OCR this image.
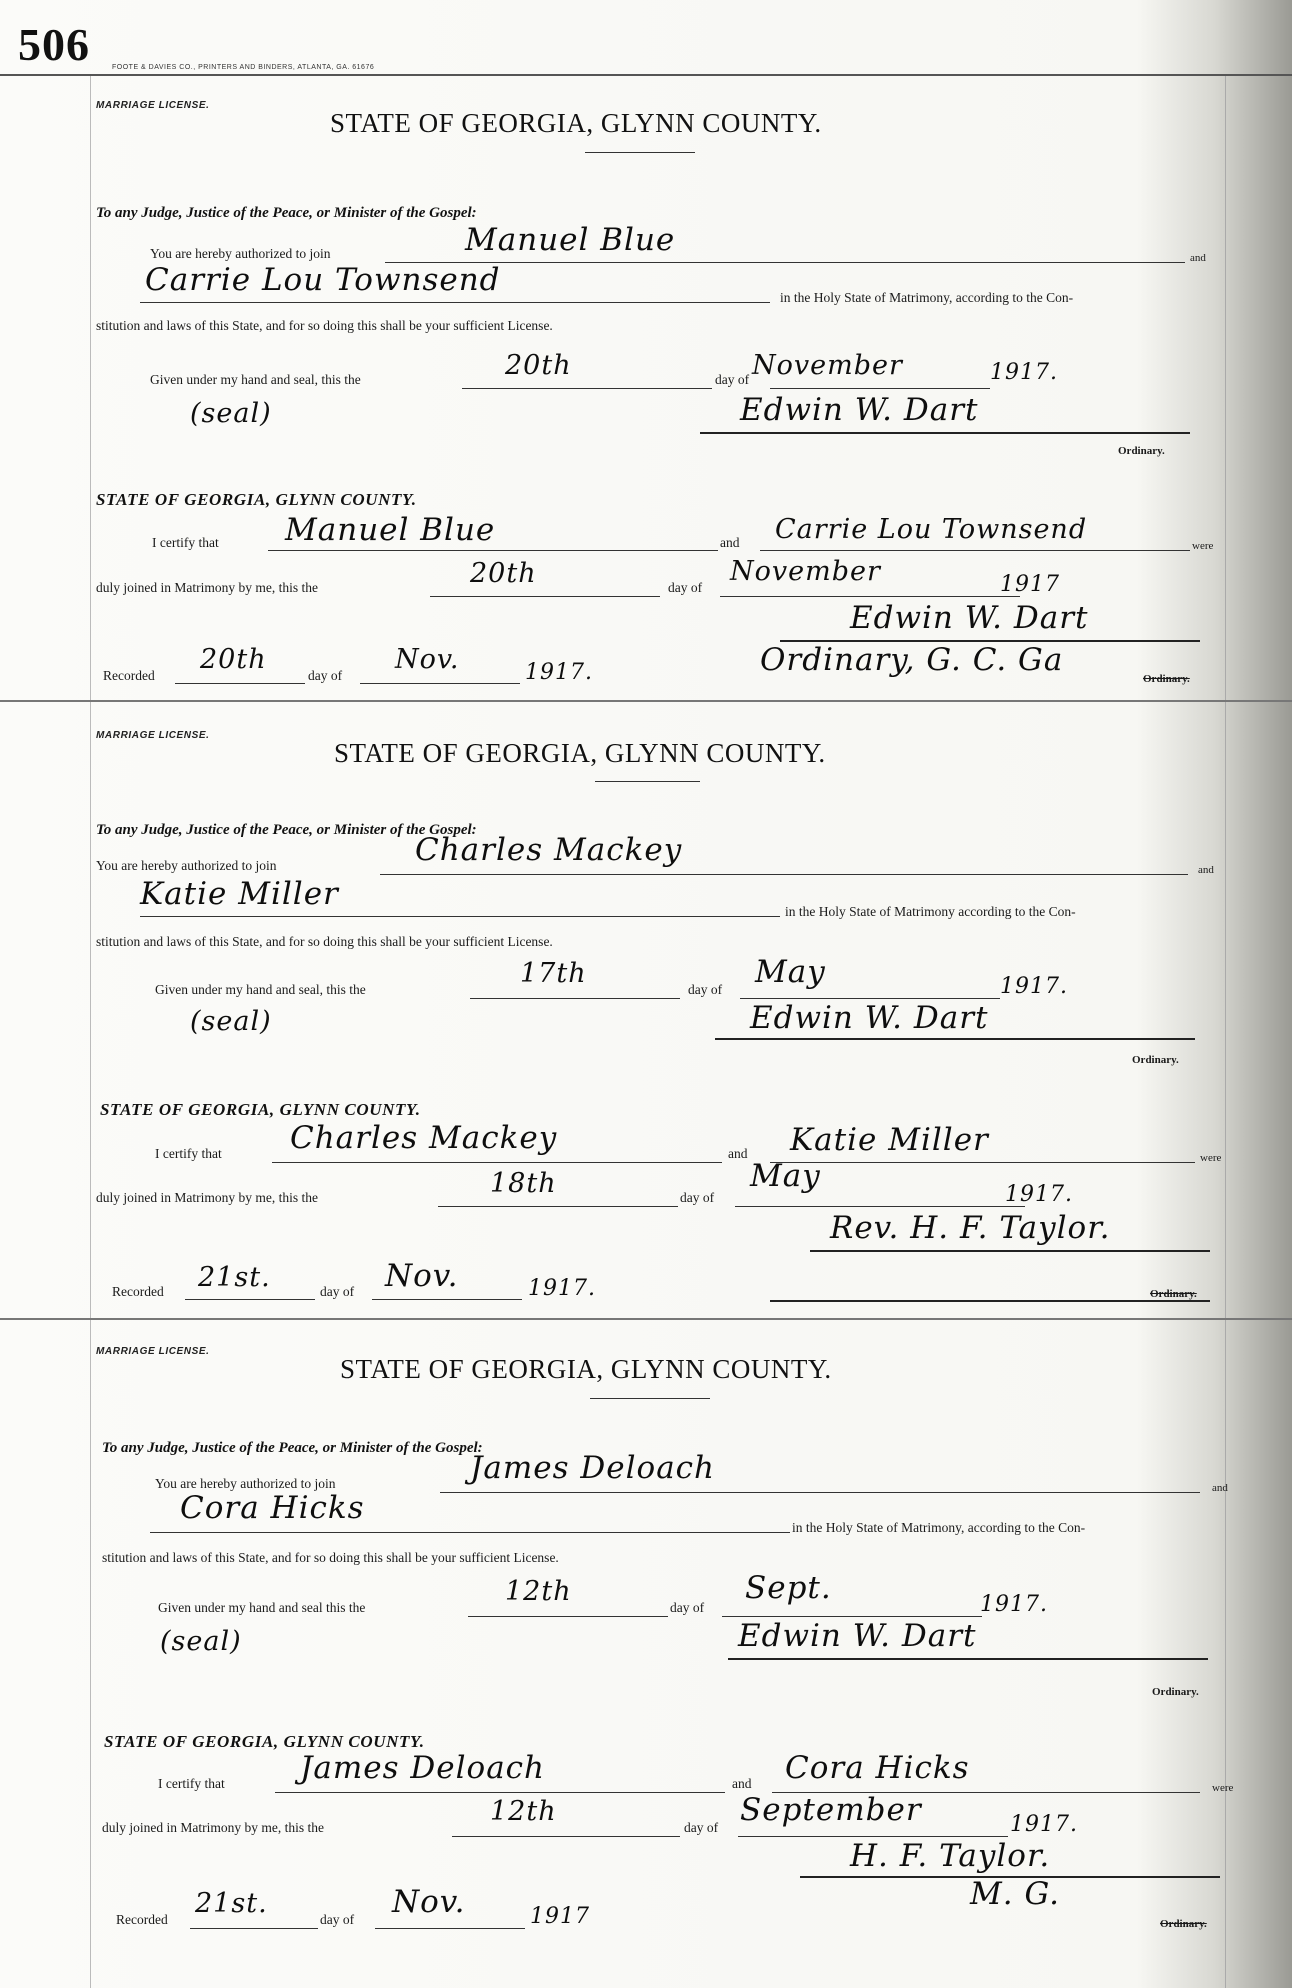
506	FOOTE & DAVIES CO., PRINTERS AND BINDERS, ATLANTA, GA. 61676
MARRIAGE LICENSE.
STATE OF GEORGIA, GLYNN COUNTY.
To any Judge, Justice of the Peace, or Minister of the Gospel:
You are hereby authorized to join	Manuel Blue	and
Carrie Lou Townsend	in the Holy State of Matrimony, according to the Con-
stitution and laws of this State, and for so doing this shall be your sufficient License.
Given under my hand and seal, this the	20th	day of November	1917.
(seal)	Edwin W. Dart
Ordinary.
STATE OF GEORGIA, GLYNN COUNTY.
I certify that Manuel Blue	and Carrie Lou Townsend
were
duly joined in Matrimony by me, this the	20th	day of
November	1917
Edwin W. Dart
Recorded
20th
day of
Nov.	1917.	Ordinary, G. C. Ga
Ordinary.
MARRIAGE LICENSE.
STATE OF GEORGIA, GLYNN COUNTY.
To any Judge, Justice of the Peace, or Minister of the Gospel:
You are hereby authorized to join	Charles Mackey
and
Katie Miller	in the Holy State of Matrimony according to the Con-
stitution and laws of this State, and for so doing this shall be your sufficient License.
Given under my hand and seal, this the
17th
day of May	1917.
(seal)	Edwin W. Dart
Ordinary.
STATE OF GEORGIA, GLYNN COUNTY.
I certify that Charles Mackey	and Katie Miller	were
duly joined in Matrimony by me, this the	18th	day of
May
1917.
Rev. H. F. Taylor.
Recorded 21st.	day of Nov.	1917.	Ordinary.
MARRIAGE LICENSE.
STATE OF GEORGIA, GLYNN COUNTY.
To any Judge, Justice of the Peace, or Minister of the Gospel:
You are hereby authorized to join	James Deloach
and
Cora Hicks
in the Holy State of Matrimony, according to the Con-
stitution and laws of this State, and for so doing this shall be your sufficient License.
Given under my hand and seal this the
12th
day of
Sept.	1917.
(seal)	Edwin W. Dart
Ordinary.
STATE OF GEORGIA, GLYNN COUNTY.
I certify that James Deloach	and Cora Hicks
were
duly joined in Matrimony by me, this the
12th
day of September	1917.
H. F. Taylor.
Recorded
21st.
day of Nov.	1917
M. G.
Ordinary.
